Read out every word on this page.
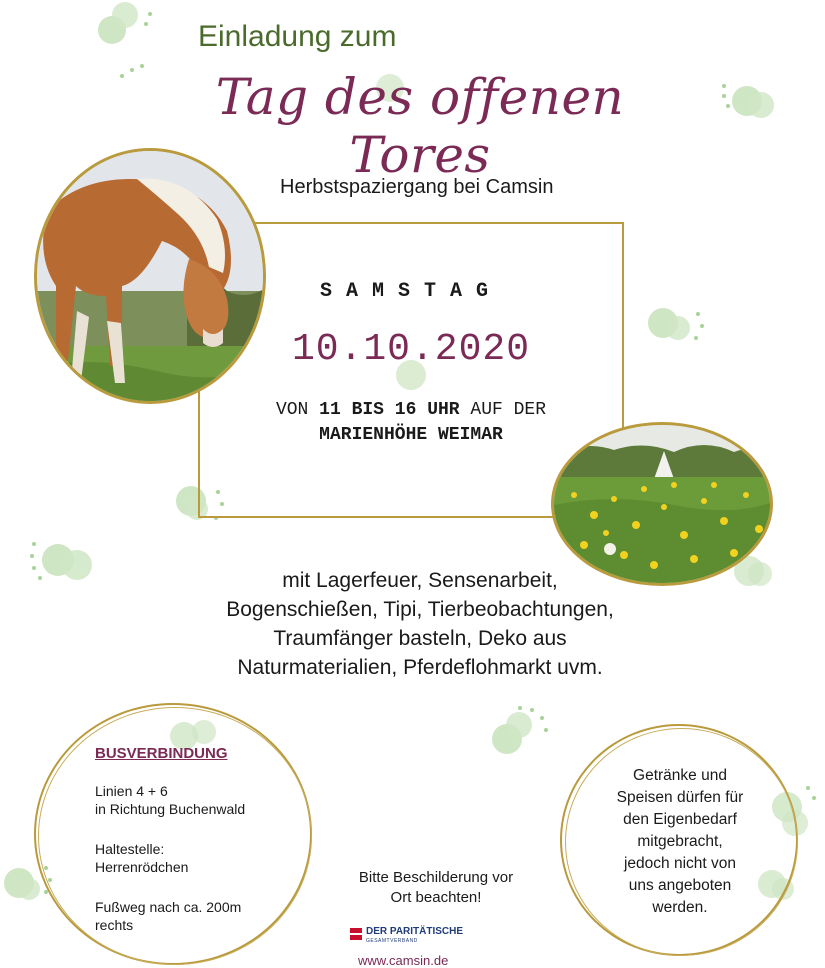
Einladung zum
Tag des offenen Tores
Herbstspaziergang bei Camsin
SAMSTAG
10.10.2020
VON 11 BIS 16 UHR AUF DER
MARIENHÖHE WEIMAR
mit Lagerfeuer, Sensenarbeit,
Bogenschießen, Tipi, Tierbeobachtungen,
Traumfänger basteln, Deko aus
Naturmaterialien, Pferdeflohmarkt uvm.
BUSVERBINDUNG
Linien 4 + 6
in Richtung Buchenwald
Haltestelle:
Herrenrödchen
Fußweg nach ca. 200m
rechts
Bitte Beschilderung vor
Ort beachten!
DER PARITÄTISCHE
GESAMTVERBAND
www.camsin.de
Getränke und
Speisen dürfen für
den Eigenbedarf
mitgebracht,
jedoch nicht von
uns angeboten
werden.
